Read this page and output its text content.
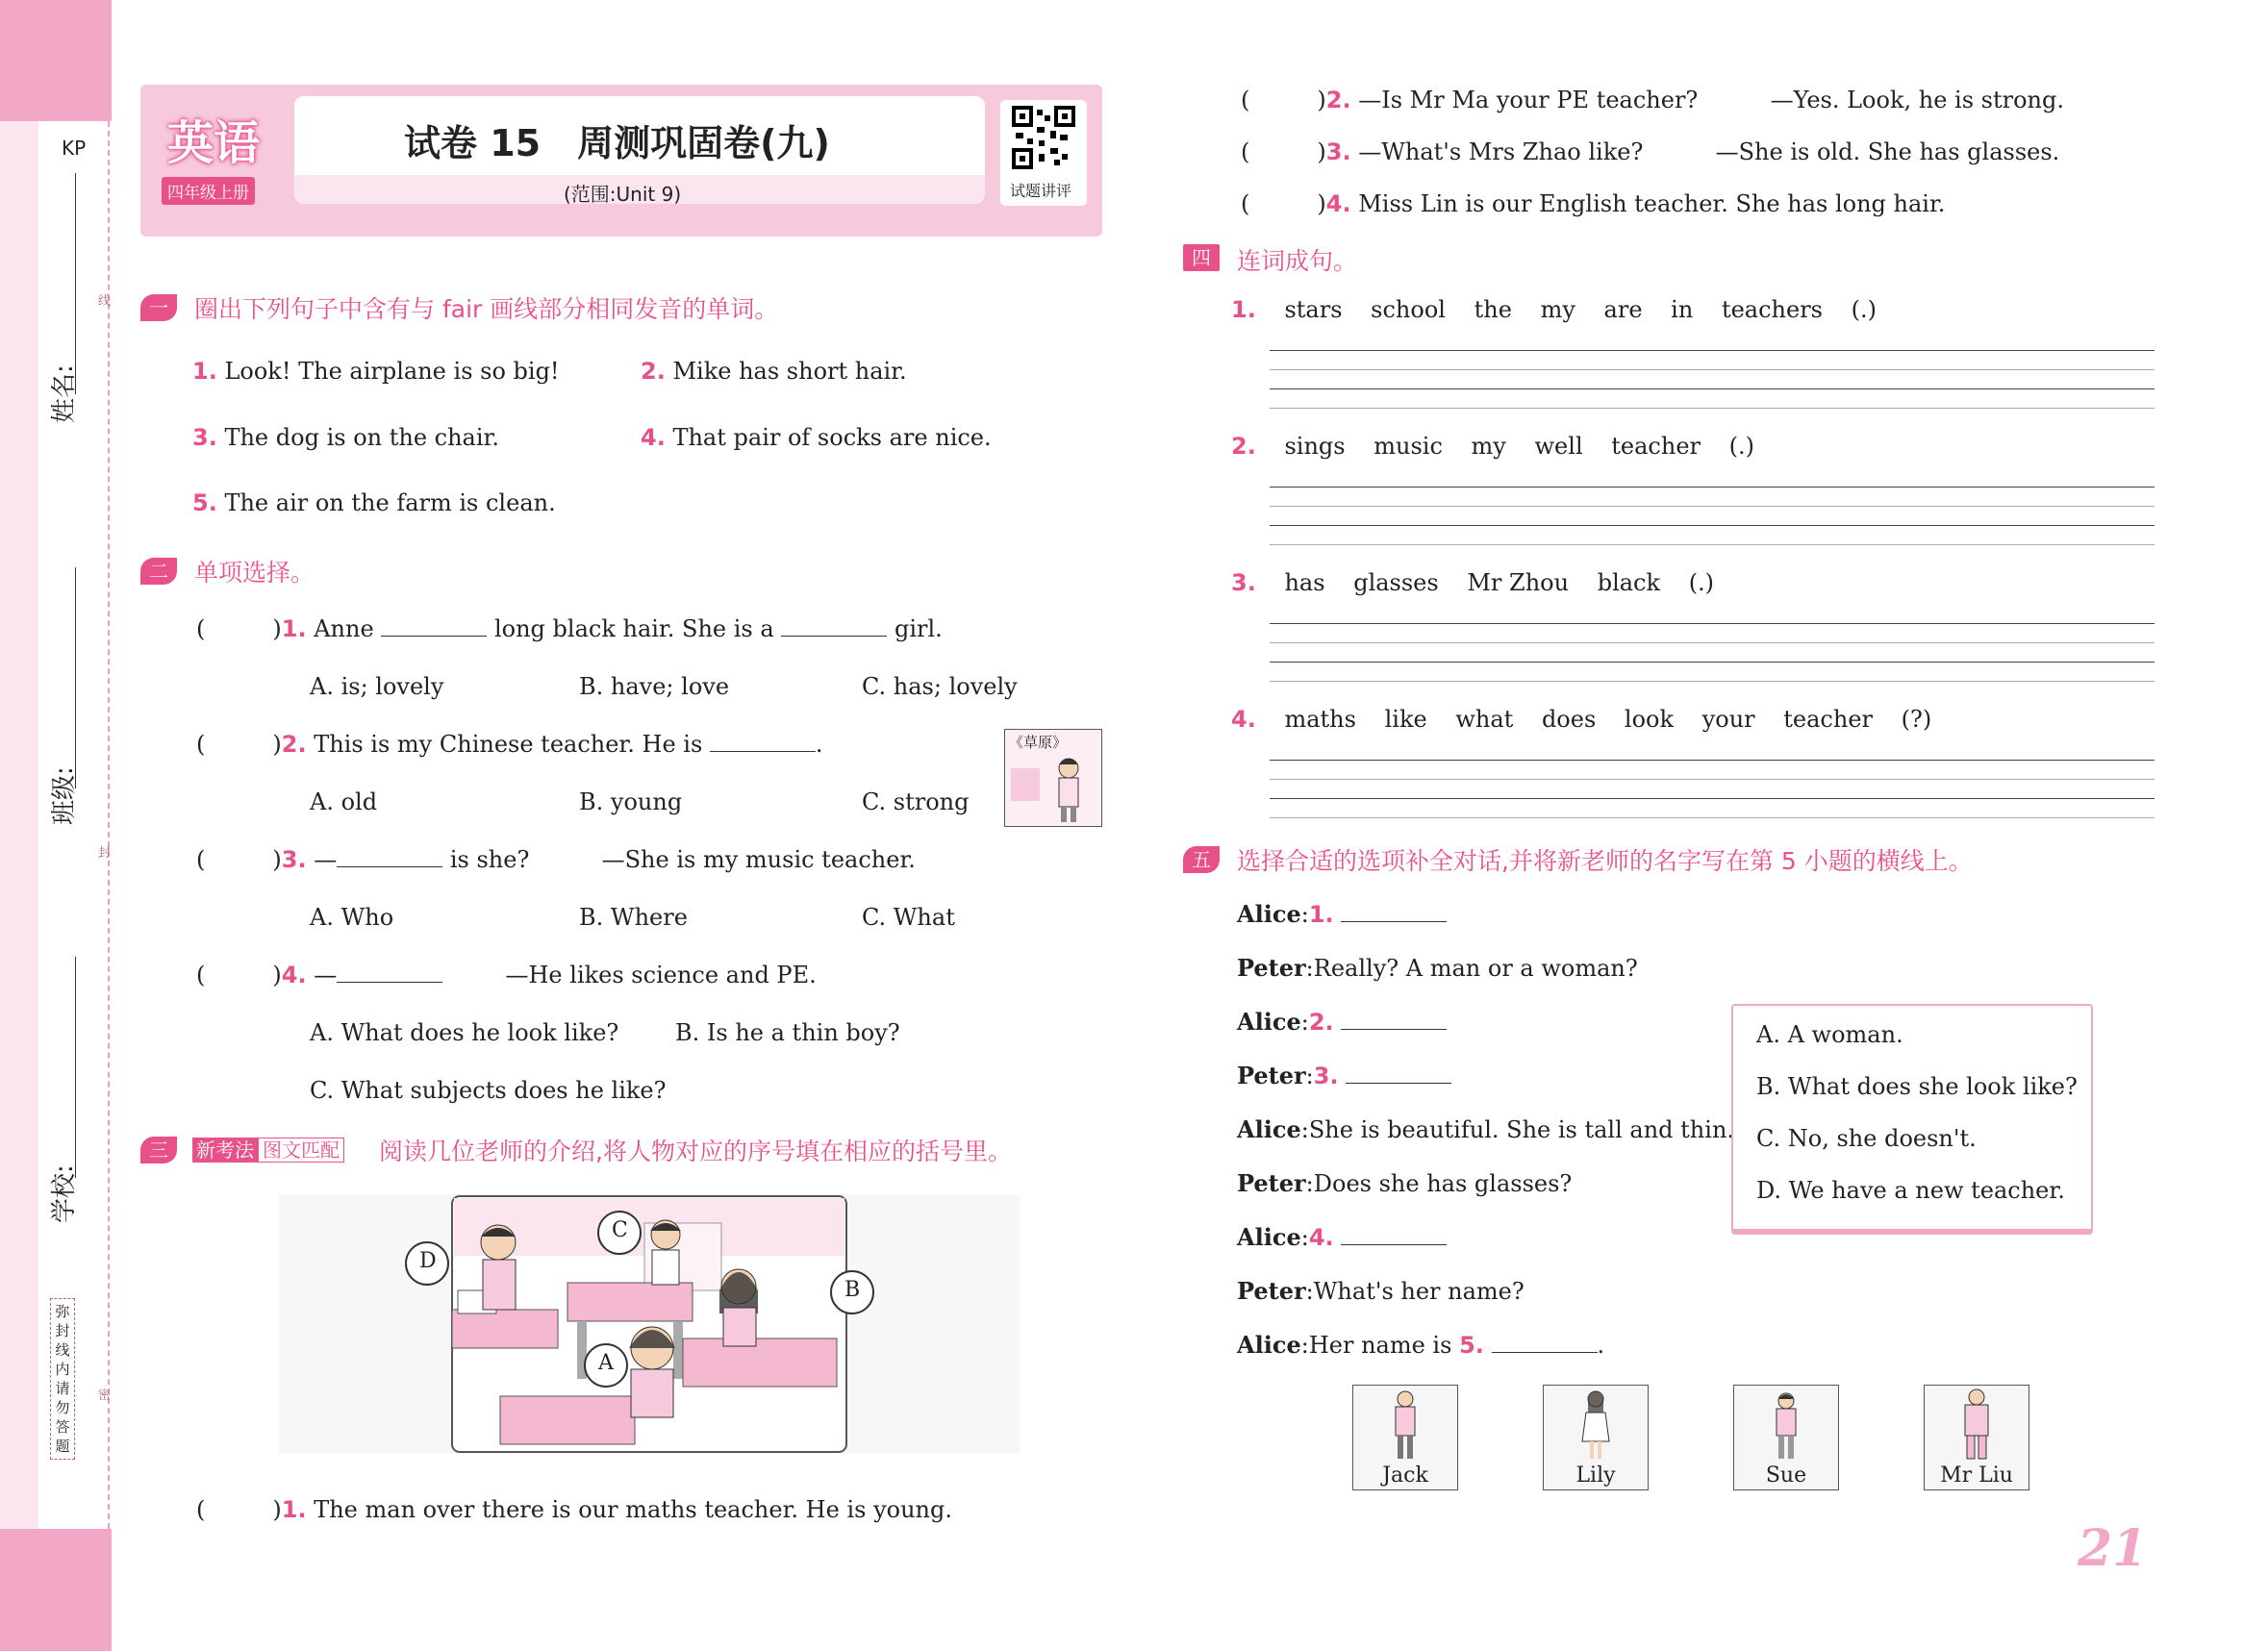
KP
姓名:
班级:
学校:
线
封
密
弥封线内请勿答题
英语
四年级上册
试卷 15　周测巩固卷(九)
(范围:Unit 9)	试题讲评
一	圈出下列句子中含有与 fair 画线部分相同发音的单词。
1. Look! The airplane is so big!	2. Mike has short hair.
3. The dog is on the chair.	4. That pair of socks are nice.
5. The air on the farm is clean.
二	单项选择。
(	)1. Anne	long black hair. She is a	girl.
A. is; lovely	B. have; love	C. has; lovely
(	)2. This is my Chinese teacher. He is	.
A. old	B. young	C. strong
《草原》
(	)3. —	is she?	—She is my music teacher.
A. Who	B. Where	C. What
(	)4. —	—He likes science and PE.
A. What does he look like? B. Is he a thin boy?
C. What subjects does he like?
三	新考法 图文匹配 阅读几位老师的介绍,将人物对应的序号填在相应的括号里。
A
B
C
D
(	)1. The man over there is our maths teacher. He is young.
(	)2. —Is Mr Ma your PE teacher?	—Yes. Look, he is strong.
(	)3. —What's Mrs Zhao like?	—She is old. She has glasses.
(	)4. Miss Lin is our English teacher. She has long hair.
四	连词成句。
1. stars school the my are in teachers (.)
2. sings music my well teacher (.)
3. has glasses Mr Zhou black (.)
4. maths like what does look your teacher (?)
五	选择合适的选项补全对话,并将新老师的名字写在第 5 小题的横线上。
Alice:1.
Peter:Really? A man or a woman?
Alice:2.
Peter:3.
Alice:She is beautiful. She is tall and thin.
Peter:Does she has glasses?
Alice:4.
Peter:What's her name?
Alice:Her name is 5.	.
A. A woman.
B. What does she look like?
C. No, she doesn't.
D. We have a new teacher.
Jack	Lily	Sue	Mr Liu
21
